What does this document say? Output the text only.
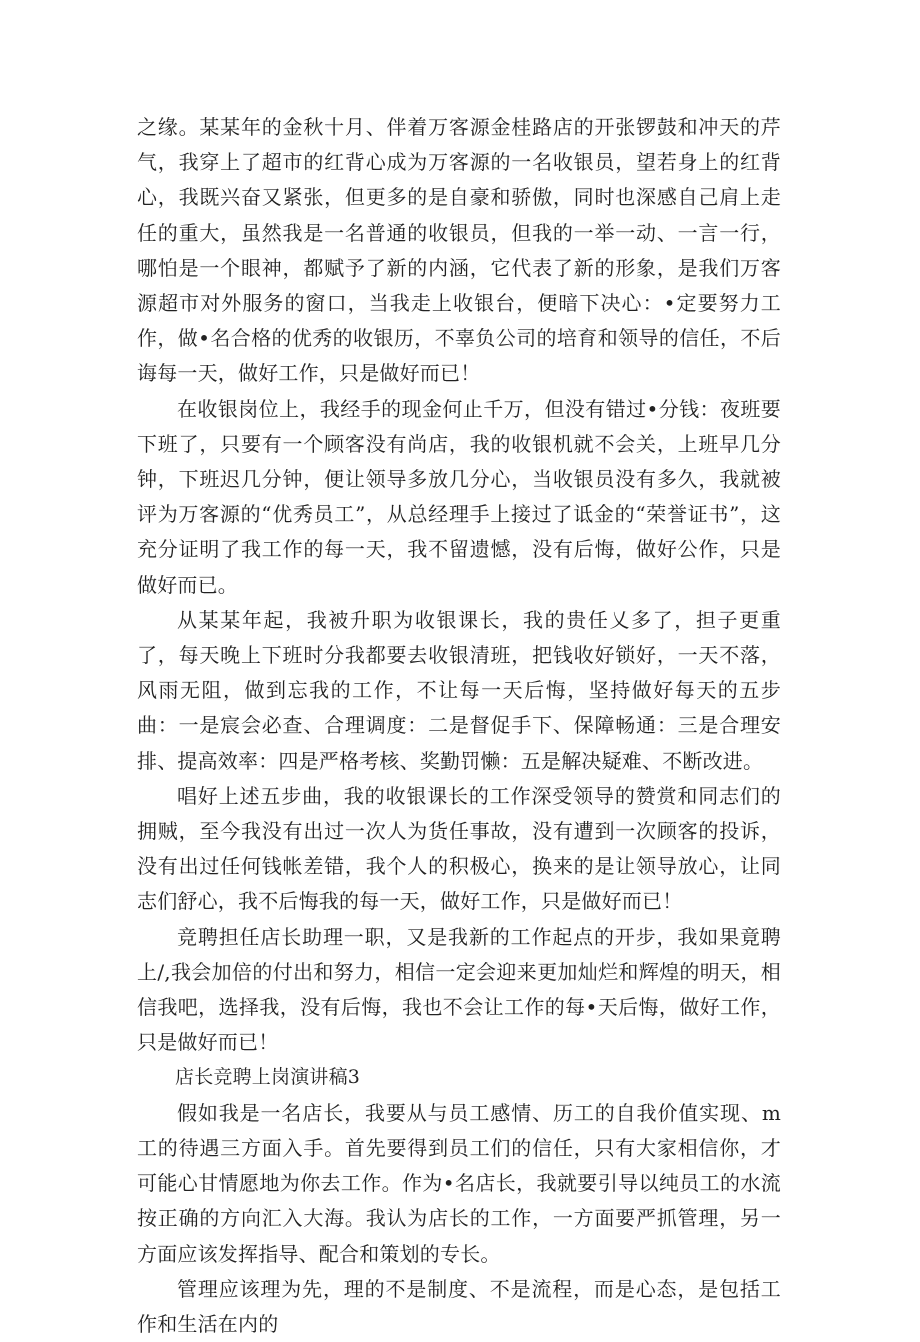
之缘。某某年的金秋十月、伴着万客源金桂路店的开张锣鼓和冲天的芹气，我穿上了超市的红背心成为万客源的一名收银员，望若身上的红背心，我既兴奋又紧张，但更多的是自豪和骄傲，同时也深感自己肩上走任的重大，虽然我是一名普通的收银员，但我的一举一动、一言一行，哪怕是一个眼神，都赋予了新的内涵，它代表了新的形象，是我们万客源超市对外服务的窗口，当我走上收银台，便暗下决心：•定要努力工作，做•名合格的优秀的收银历，不辜负公司的培育和领导的信任，不后诲每一天，做好工作，只是做好而已！

在收银岗位上，我经手的现金何止千万，但没有错过•分钱：夜班要下班了，只要有一个顾客没有尚店，我的收银机就不会关，上班早几分钟，下班迟几分钟，便让领导多放几分心，当收银员没有多久，我就被评为万客源的“优秀员工”，从总经理手上接过了诋金的“荣誉证书”，这充分证明了我工作的每一天，我不留遗憾，没有后悔，做好公作，只是做好而已。

从某某年起，我被升职为收银课长，我的贵任乂多了，担子更重了，每天晚上下班时分我都要去收银清班，把钱收好锁好，一天不落，风雨无阻，做到忘我的工作，不让每一天后悔，坚持做好每天的五步曲：一是宸会必查、合理调度：二是督促手下、保障畅通：三是合理安排、提高效率：四是严格考核、奖勤罚懒：五是解决疑难、不断改进。

唱好上述五步曲，我的收银课长的工作深受领导的赞赏和同志们的拥贼，至今我没有出过一次人为货任事故，没有遭到一次顾客的投诉，没有出过任何钱帐差错，我个人的积极心，换来的是让领导放心，让同志们舒心，我不后悔我的每一天，做好工作，只是做好而已！

竞聘担任店长助理一职，又是我新的工作起点的开步，我如果竟聘上/,我会加倍的付出和努力，相信一定会迎来更加灿烂和辉煌的明天，相信我吧，选择我，没有后悔，我也不会让工作的每•天后悔，做好工作，只是做好而已！

店长竞聘上岗演讲稿3

假如我是一名店长，我要从与员工感情、历工的自我价值实现、m工的待遇三方面入手。首先要得到员工们的信任，只有大家相信你，才可能心甘情愿地为你去工作。作为•名店长，我就要引导以纯员工的水流按正确的方向汇入大海。我认为店长的工作，一方面要严抓管理，另一方面应该发挥指导、配合和策划的专长。

管理应该理为先，理的不是制度、不是流程，而是心态，是包括工作和生活在内的
